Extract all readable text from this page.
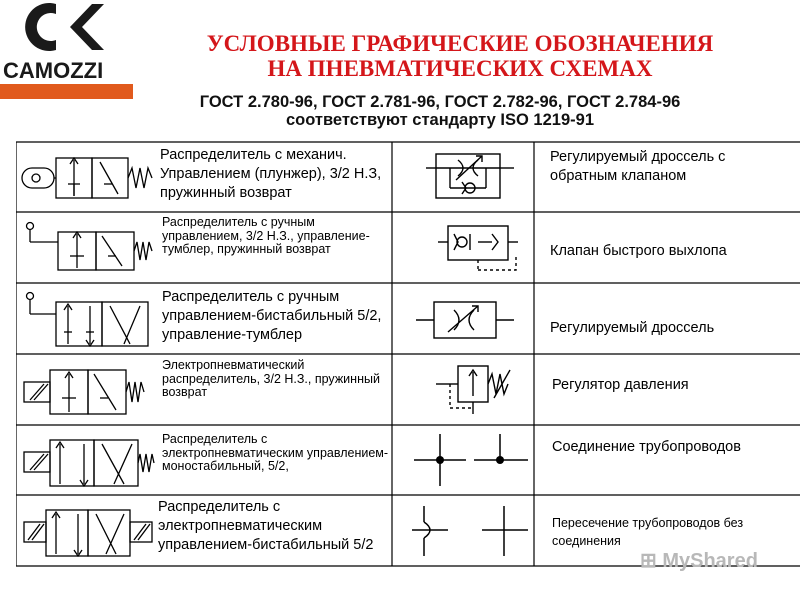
CAMOZZI
УСЛОВНЫЕ ГРАФИЧЕСКИЕ ОБОЗНАЧЕНИЯ
НА ПНЕВМАТИЧЕСКИХ СХЕМАХ
ГОСТ 2.780-96, ГОСТ 2.781-96, ГОСТ 2.782-96, ГОСТ 2.784-96
соответствуют стандарту ISO 1219-91
Распределитель с механич. Управлением (плунжер), 3/2 Н.З, пружинный возврат
Распределитель с ручным управлением, 3/2 Н.З., управление-тумблер, пружинный возврат
Распределитель с ручным управлением-бистабильный 5/2, управление-тумблер
Электропневматический распределитель, 3/2 Н.З., пружинный возврат
Распределитель с электропневматическим управлением-моностабильный, 5/2,
Распределитель с электропневматическим управлением-бистабильный 5/2
Регулируемый дроссель с обратным клапаном
Клапан быстрого выхлопа
Регулируемый дроссель
Регулятор давления
Соединение трубопроводов
Пересечение трубопроводов без соединения
⊞ MyShared
